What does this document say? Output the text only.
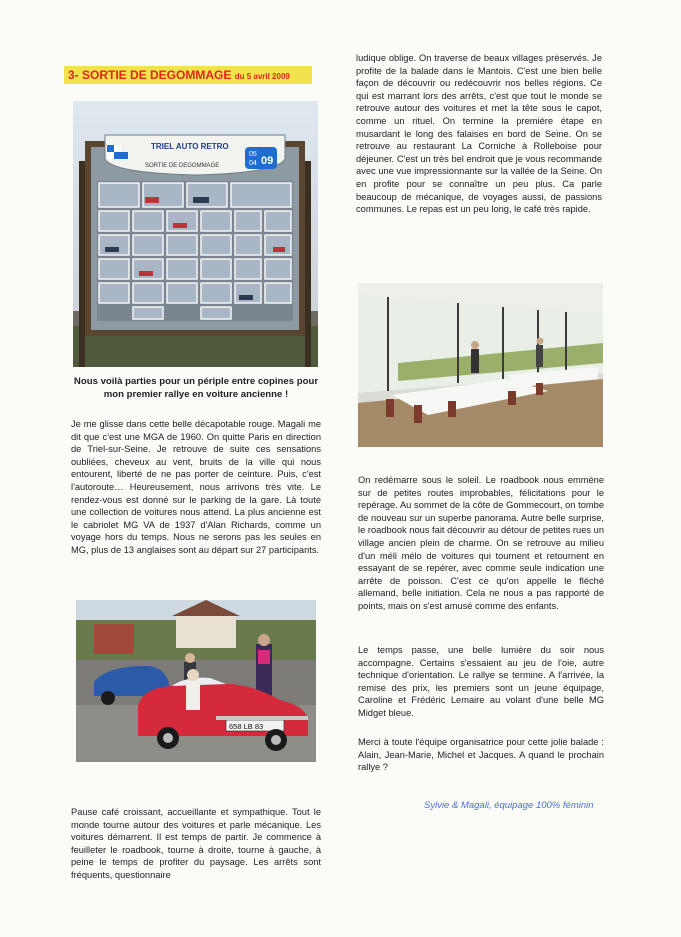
3- SORTIE DE DEGOMMAGE du 5 avril 2009
05
04 09
TRIEL AUTO RETRO
SORTIE DE DEGOMMAGE
Nous voilà parties pour un périple entre copines pour mon premier rallye en voiture ancienne !
Je me glisse dans cette belle décapotable rouge. Magali me dit que c'est une MGA de 1960. On quitte Paris en direction de Triel-sur-Seine. Je retrouve de suite ces sensations oubliées, cheveux au vent, bruits de la ville qui nous entourent, liberté de ne pas porter de ceinture. Puis, c'est l'autoroute… Heureusement, nous arrivons très vite. Le rendez-vous est donné sur le parking de la gare. Là toute une collection de voitures nous attend. La plus ancienne est le cabriolet MG VA de 1937 d'Alan Richards, comme un voyage hors du temps. Nous ne serons pas les seules en MG, plus de 13 anglaises sont au départ sur 27 participants.
658 LB 83
Pause café croissant, accueillante et sympathique. Tout le monde tourne autour des voitures et parle mécanique. Les voitures démarrent. Il est temps de partir. Je commence à feuilleter le roadbook, tourne à droite, tourne à gauche, à peine le temps de profiter du paysage. Les arrêts sont fréquents, questionnaire
ludique oblige. On traverse de beaux villages préservés. Je profite de la balade dans le Mantois. C'est une bien belle façon de découvrir ou redécouvrir nos belles régions. Ce qui est marrant lors des arrêts, c'est que tout le monde se retrouve autour des voitures et met la tête sous le capot, comme un rituel. On termine la première étape en musardant le long des falaises en bord de Seine. On se retrouve au restaurant La Corniche à Rolleboise pour déjeuner. C'est un très bel endroit que je vous recommande avec une vue impressionnante sur la vallée de la Seine. On en profite pour se connaître un peu plus. Ca parle beaucoup de mécanique, de voyages aussi, de passions communes. Le repas est un peu long, le café très rapide.
On redémarre sous le soleil. Le roadbook nous emmène sur de petites routes improbables, félicitations pour le repérage. Au sommet de la côte de Gommecourt, on tombe de nouveau sur un superbe panorama. Autre belle surprise, le roadbook nous fait découvrir au détour de petites rues un village ancien plein de charme. On se retrouve au milieu d'un méli mélo de voitures qui tournent et retournent en essayant de se repérer, avec comme seule indication une arrête de poisson. C'est ce qu'on appelle le fléché allemand, belle initiation. Cela ne nous a pas rapporté de points, mais on s'est amusé comme des enfants.
Le temps passe, une belle lumière du soir nous accompagne. Certains s'essaient au jeu de l'oie, autre technique d'orientation. Le rallye se termine. A l'arrivée, la remise des prix, les premiers sont un jeune équipage, Caroline et Frédéric Lemaire au volant d'une belle MG Midget bleue.
Merci à toute l'équipe organisatrice pour cette jolie balade : Alain, Jean-Marie, Michel et Jacques. A quand le prochain rallye ?
Sylvie & Magali, équipage 100% féminin
